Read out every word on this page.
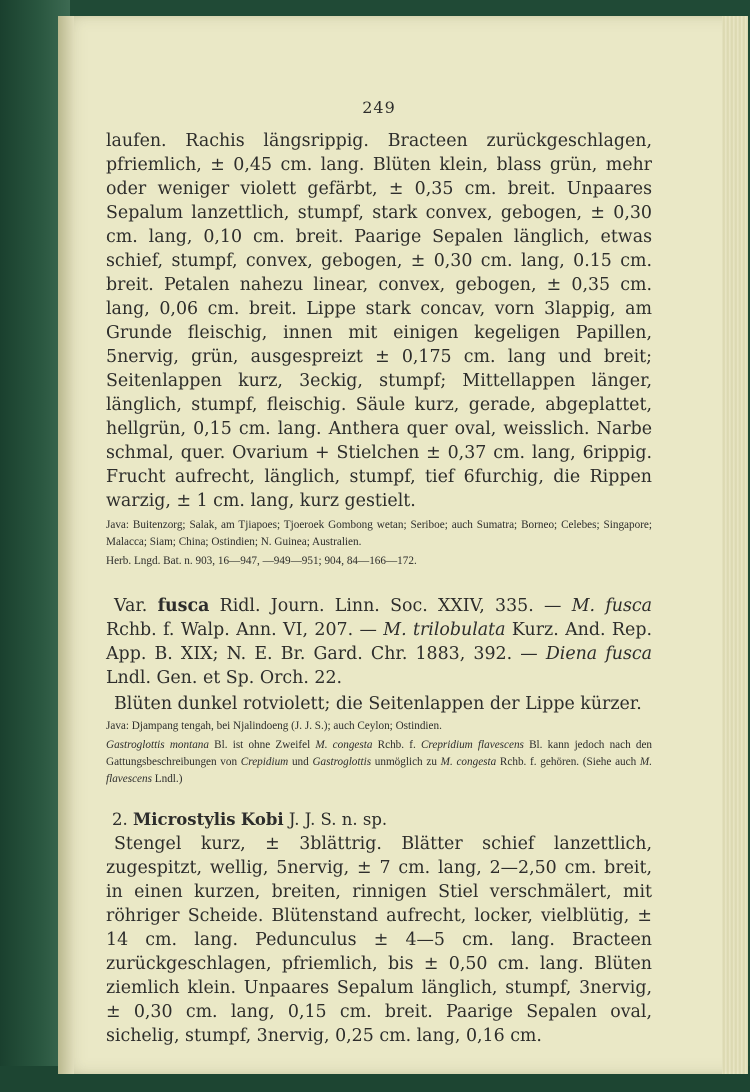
249

laufen. Rachis längsrippig. Bracteen zurückgeschlagen, pfriemlich, ± 0,45 cm. lang. Blüten klein, blass grün, mehr oder weniger violett gefärbt, ± 0,35 cm. breit. Unpaares Sepalum lanzettlich, stumpf, stark convex, gebogen, ± 0,30 cm. lang, 0,10 cm. breit. Paarige Sepalen länglich, etwas schief, stumpf, convex, gebogen, ± 0,30 cm. lang, 0.15 cm. breit. Petalen nahezu linear, convex, gebogen, ± 0,35 cm. lang, 0,06 cm. breit. Lippe stark concav, vorn 3lappig, am Grunde fleischig, innen mit einigen kegeligen Papillen, 5nervig, grün, ausgespreizt ± 0,175 cm. lang und breit; Seitenlappen kurz, 3eckig, stumpf; Mittellappen länger, länglich, stumpf, fleischig. Säule kurz, gerade, abgeplattet, hellgrün, 0,15 cm. lang. Anthera quer oval, weisslich. Narbe schmal, quer. Ovarium + Stielchen ± 0,37 cm. lang, 6rippig. Frucht aufrecht, länglich, stumpf, tief 6furchig, die Rippen warzig, ± 1 cm. lang, kurz gestielt.

Java: Buitenzorg; Salak, am Tjiapoes; Tjoeroek Gombong wetan; Seriboe; auch Sumatra; Borneo; Celebes; Singapore; Malacca; Siam; China; Ostindien; N. Guinea; Australien.

Herb. Lngd. Bat. n. 903, 16—947, —949—951; 904, 84—166—172.

Var. fusca Ridl. Journ. Linn. Soc. XXIV, 335. — M. fusca Rchb. f. Walp. Ann. VI, 207. — M. trilobulata Kurz. And. Rep. App. B. XIX; N. E. Br. Gard. Chr. 1883, 392. — Diena fusca Lndl. Gen. et Sp. Orch. 22.

Blüten dunkel rotviolett; die Seitenlappen der Lippe kürzer.

Java: Djampang tengah, bei Njalindoeng (J. J. S.); auch Ceylon; Ostindien.

Gastroglottis montana Bl. ist ohne Zweifel M. congesta Rchb. f. Crepridium flavescens Bl. kann jedoch nach den Gattungsbeschreibungen von Crepidium und Gastroglottis unmöglich zu M. congesta Rchb. f. gehören. (Siehe auch M. flavescens Lndl.)

2. Microstylis Kobi J. J. S. n. sp.

Stengel kurz, ± 3blättrig. Blätter schief lanzettlich, zugespitzt, wellig, 5nervig, ± 7 cm. lang, 2—2,50 cm. breit, in einen kurzen, breiten, rinnigen Stiel verschmälert, mit röhriger Scheide. Blütenstand aufrecht, locker, vielblütig, ± 14 cm. lang. Pedunculus ± 4—5 cm. lang. Bracteen zurückgeschlagen, pfriemlich, bis ± 0,50 cm. lang. Blüten ziemlich klein. Unpaares Sepalum länglich, stumpf, 3nervig, ± 0,30 cm. lang, 0,15 cm. breit. Paarige Sepalen oval, sichelig, stumpf, 3nervig, 0,25 cm. lang, 0,16 cm.
